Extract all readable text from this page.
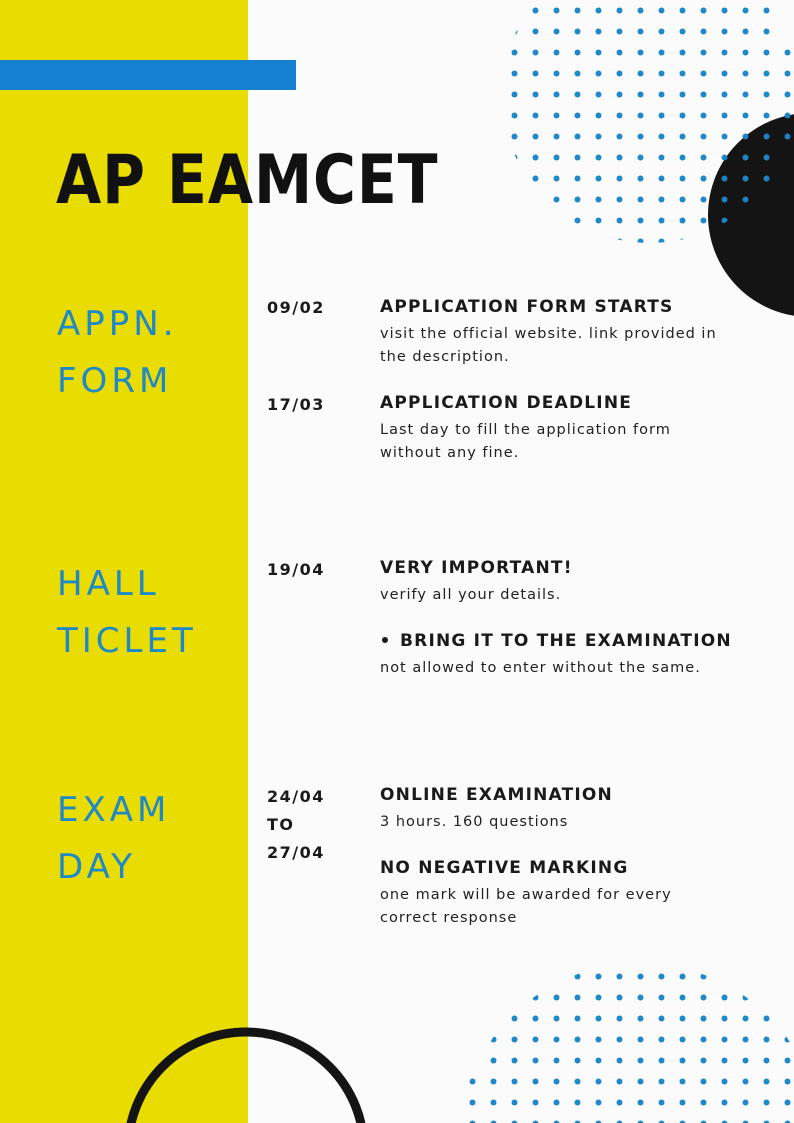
AP EAMCET
APPN.
FORM
HALL
TICLET
EXAM
DAY
09/02
17/03
19/04
24/04
TO
27/04

APPLICATION FORM STARTS

visit the official website. link provided in
the description.

APPLICATION DEADLINE

Last day to fill the application form
without any fine.

VERY IMPORTANT!

verify all your details.

BRING IT TO THE EXAMINATION

not allowed to enter without the same.

ONLINE EXAMINATION

3 hours. 160 questions

NO NEGATIVE MARKING

one mark will be awarded for every
correct response
